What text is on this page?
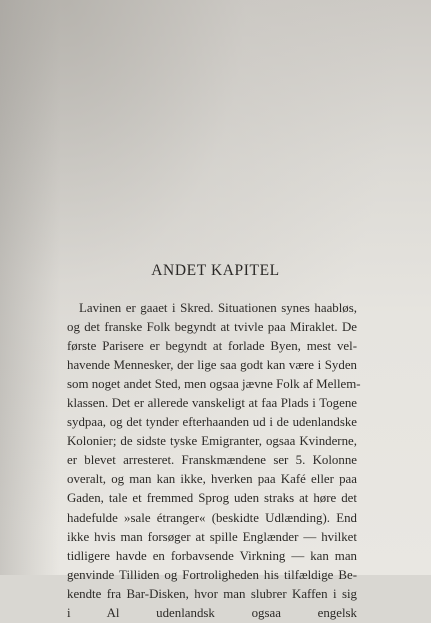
ANDET KAPITEL
Lavinen er gaaet i Skred. Situationen synes haabløs,
og det franske Folk begyndt at tvivle paa Miraklet. De
første Parisere er begyndt at forlade Byen, mest vel-
havende Mennesker, der lige saa godt kan være i Syden
som noget andet Sted, men ogsaa jævne Folk af Mellem-
klassen. Det er allerede vanskeligt at faa Plads i Togene
sydpaa, og det tynder efterhaanden ud i de udenlandske
Kolonier; de sidste tyske Emigranter, ogsaa Kvinderne,
er blevet arresteret. Franskmændene ser 5. Kolonne
overalt, og man kan ikke, hverken paa Kafé eller paa
Gaden, tale et fremmed Sprog uden straks at høre det
hadefulde »sale étranger« (beskidte Udlænding). End
ikke hvis man forsøger at spille Englænder — hvilket
tidligere havde en forbavsende Virkning — kan man
genvinde Tilliden og Fortroligheden his tilfældige Be-
kendte fra Bar-Disken, hvor man slubrer Kaffen i sig
i Al udenlandsk ogsaa engelsk
